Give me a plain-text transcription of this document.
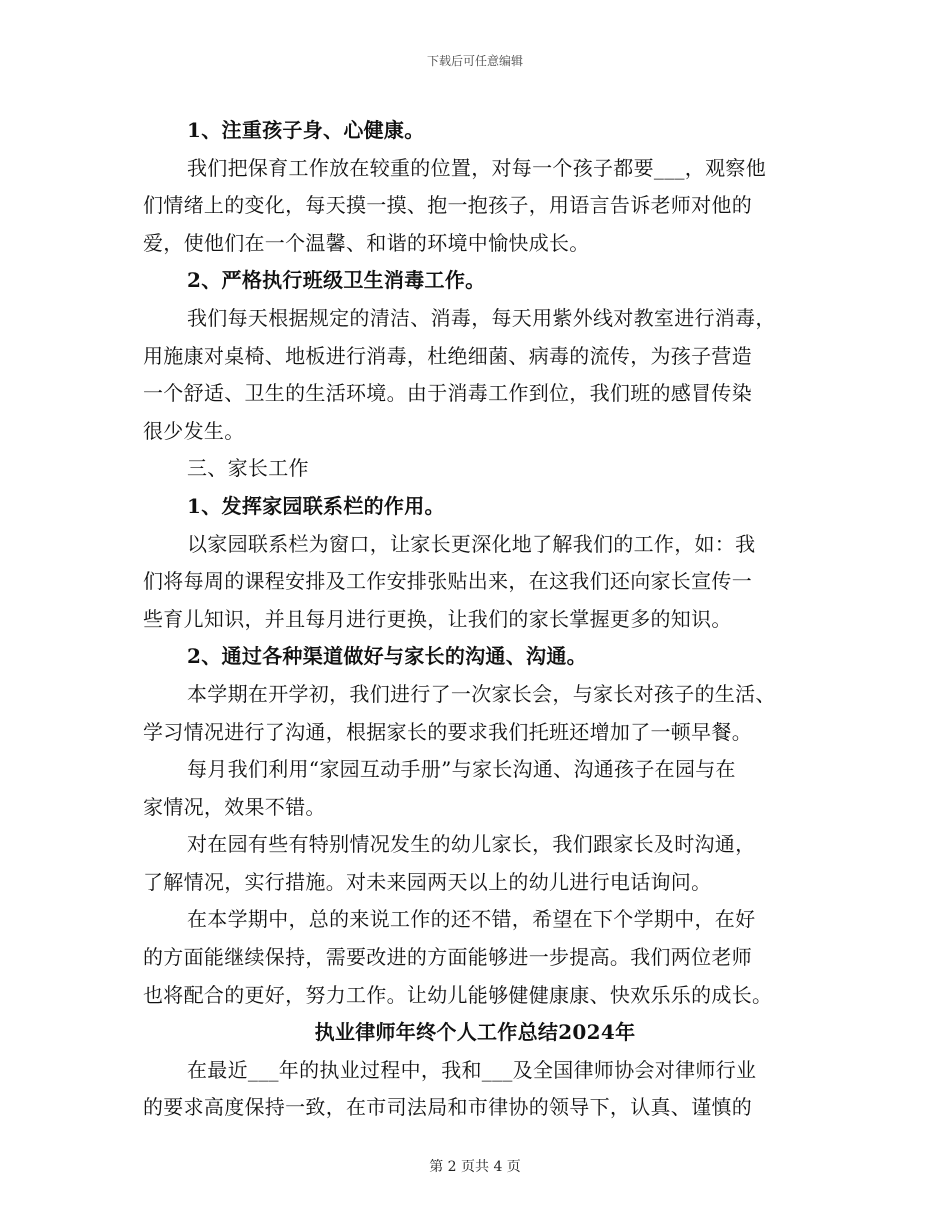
下载后可任意编辑
1、注重孩子身、心健康。
我们把保育工作放在较重的位置，对每一个孩子都要___，观察他
们情绪上的变化，每天摸一摸、抱一抱孩子，用语言告诉老师对他的
爱，使他们在一个温馨、和谐的环境中愉快成长。
2、严格执行班级卫生消毒工作。
我们每天根据规定的清洁、消毒，每天用紫外线对教室进行消毒，
用施康对桌椅、地板进行消毒，杜绝细菌、病毒的流传，为孩子营造
一个舒适、卫生的生活环境。由于消毒工作到位，我们班的感冒传染
很少发生。
三、家长工作
1、发挥家园联系栏的作用。
以家园联系栏为窗口，让家长更深化地了解我们的工作，如：我
们将每周的课程安排及工作安排张贴出来，在这我们还向家长宣传一
些育儿知识，并且每月进行更换，让我们的家长掌握更多的知识。
2、通过各种渠道做好与家长的沟通、沟通。
本学期在开学初，我们进行了一次家长会，与家长对孩子的生活、
学习情况进行了沟通，根据家长的要求我们托班还增加了一顿早餐。
每月我们利用“家园互动手册”与家长沟通、沟通孩子在园与在
家情况，效果不错。
对在园有些有特别情况发生的幼儿家长，我们跟家长及时沟通，
了解情况，实行措施。对未来园两天以上的幼儿进行电话询问。
在本学期中，总的来说工作的还不错，希望在下个学期中，在好
的方面能继续保持，需要改进的方面能够进一步提高。我们两位老师
也将配合的更好，努力工作。让幼儿能够健健康康、快欢乐乐的成长。
执业律师年终个人工作总结2024年
在最近___年的执业过程中，我和___及全国律师协会对律师行业
的要求高度保持一致，在市司法局和市律协的领导下，认真、谨慎的
第 2 页共 4 页
